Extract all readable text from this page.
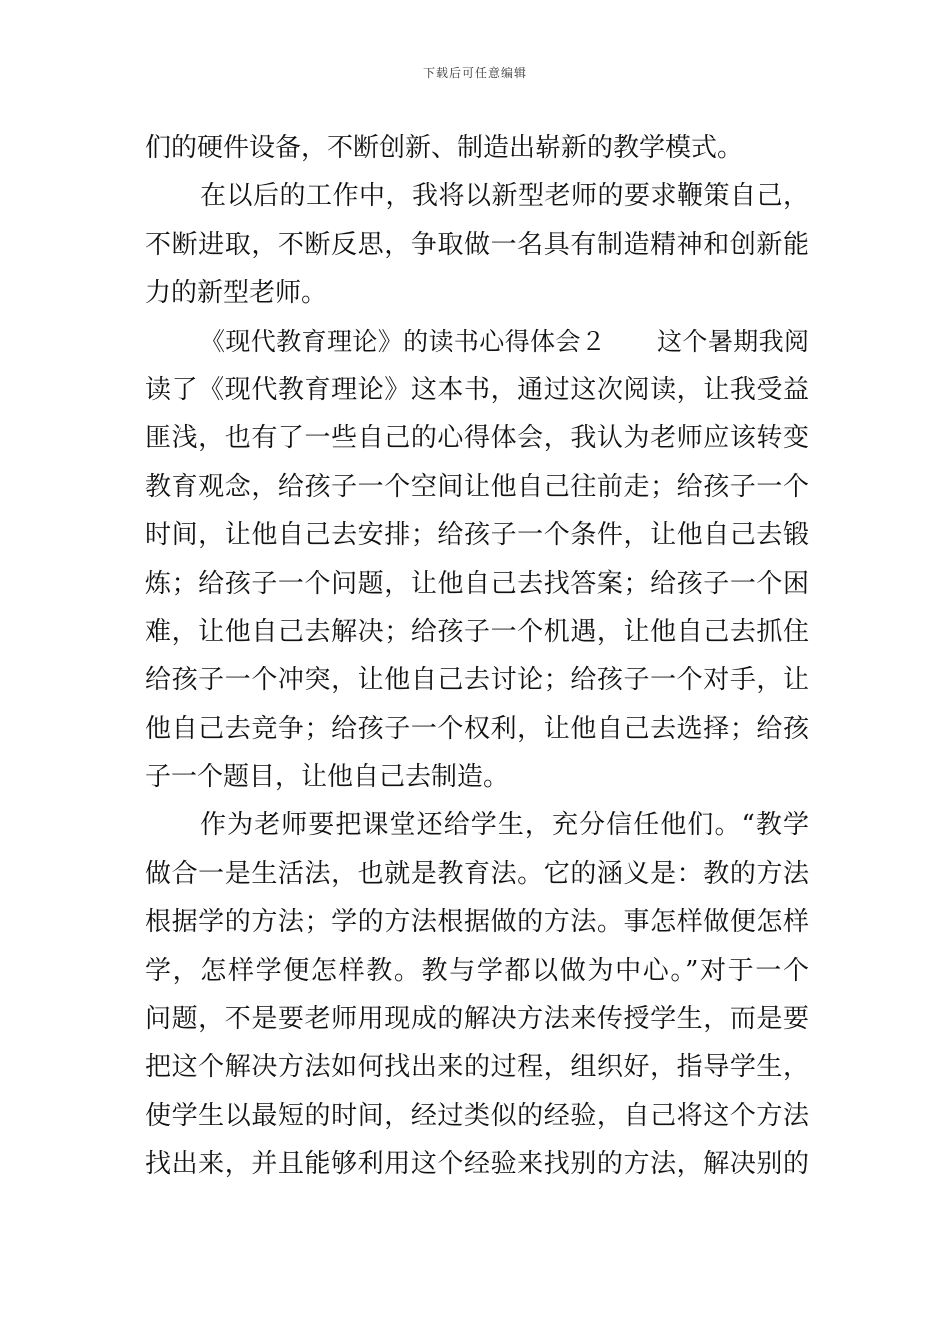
下载后可任意编辑
们的硬件设备，不断创新、制造出崭新的教学模式。
在以后的工作中，我将以新型老师的要求鞭策自己，
不断进取，不断反思，争取做一名具有制造精神和创新能
力的新型老师。
《现代教育理论》的读书心得体会２　　这个暑期我阅
读了《现代教育理论》这本书，通过这次阅读，让我受益
匪浅，也有了一些自己的心得体会，我认为老师应该转变
教育观念，给孩子一个空间让他自己往前走；给孩子一个
时间，让他自己去安排；给孩子一个条件，让他自己去锻
炼；给孩子一个问题，让他自己去找答案；给孩子一个困
难，让他自己去解决；给孩子一个机遇，让他自己去抓住
给孩子一个冲突，让他自己去讨论；给孩子一个对手，让
他自己去竞争；给孩子一个权利，让他自己去选择；给孩
子一个题目，让他自己去制造。
作为老师要把课堂还给学生，充分信任他们。“教学
做合一是生活法，也就是教育法。它的涵义是：教的方法
根据学的方法；学的方法根据做的方法。事怎样做便怎样
学，怎样学便怎样教。教与学都以做为中心。”对于一个
问题，不是要老师用现成的解决方法来传授学生，而是要
把这个解决方法如何找出来的过程，组织好，指导学生，
使学生以最短的时间，经过类似的经验，自己将这个方法
找出来，并且能够利用这个经验来找别的方法，解决别的
